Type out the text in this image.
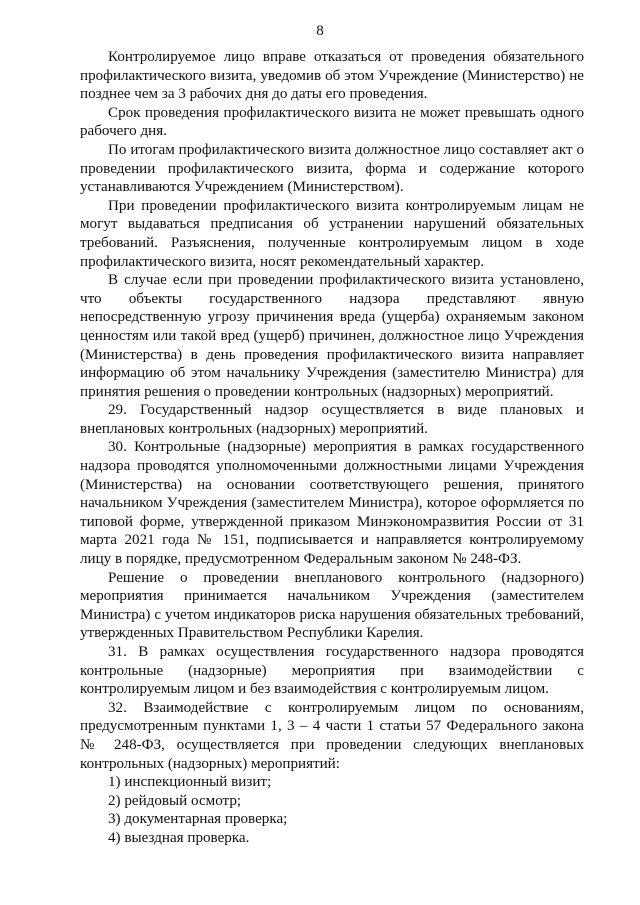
8

Контролируемое лицо вправе отказаться от проведения обязательного профилактического визита, уведомив об этом Учреждение (Министерство) не позднее чем за 3 рабочих дня до даты его проведения.

Срок проведения профилактического визита не может превышать одного рабочего дня.

По итогам профилактического визита должностное лицо составляет акт о проведении профилактического визита, форма и содержание которого устанавливаются Учреждением (Министерством).

При проведении профилактического визита контролируемым лицам не могут выдаваться предписания об устранении нарушений обязательных требований. Разъяснения, полученные контролируемым лицом в ходе профилактического визита, носят рекомендательный характер.

В случае если при проведении профилактического визита установлено, что объекты государственного надзора представляют явную непосредственную угрозу причинения вреда (ущерба) охраняемым законом ценностям или такой вред (ущерб) причинен, должностное лицо Учреждения (Министерства) в день проведения профилактического визита направляет информацию об этом начальнику Учреждения (заместителю Министра) для принятия решения о проведении контрольных (надзорных) мероприятий.

29. Государственный надзор осуществляется в виде плановых и внеплановых контрольных (надзорных) мероприятий.

30. Контрольные (надзорные) мероприятия в рамках государственного надзора проводятся уполномоченными должностными лицами Учреждения (Министерства) на основании соответствующего решения, принятого начальником Учреждения (заместителем Министра), которое оформляется по типовой форме, утвержденной приказом Минэкономразвития России от 31 марта 2021 года № 151, подписывается и направляется контролируемому лицу в порядке, предусмотренном Федеральным законом № 248-ФЗ.

Решение о проведении внепланового контрольного (надзорного) мероприятия принимается начальником Учреждения (заместителем Министра) с учетом индикаторов риска нарушения обязательных требований, утвержденных Правительством Республики Карелия.

31. В рамках осуществления государственного надзора проводятся контрольные (надзорные) мероприятия при взаимодействии с контролируемым лицом и без взаимодействия с контролируемым лицом.

32. Взаимодействие с контролируемым лицом по основаниям, предусмотренным пунктами 1, 3 – 4 части 1 статьи 57 Федерального закона № 248-ФЗ, осуществляется при проведении следующих внеплановых контрольных (надзорных) мероприятий:

1) инспекционный визит;

2) рейдовый осмотр;

3) документарная проверка;

4) выездная проверка.
